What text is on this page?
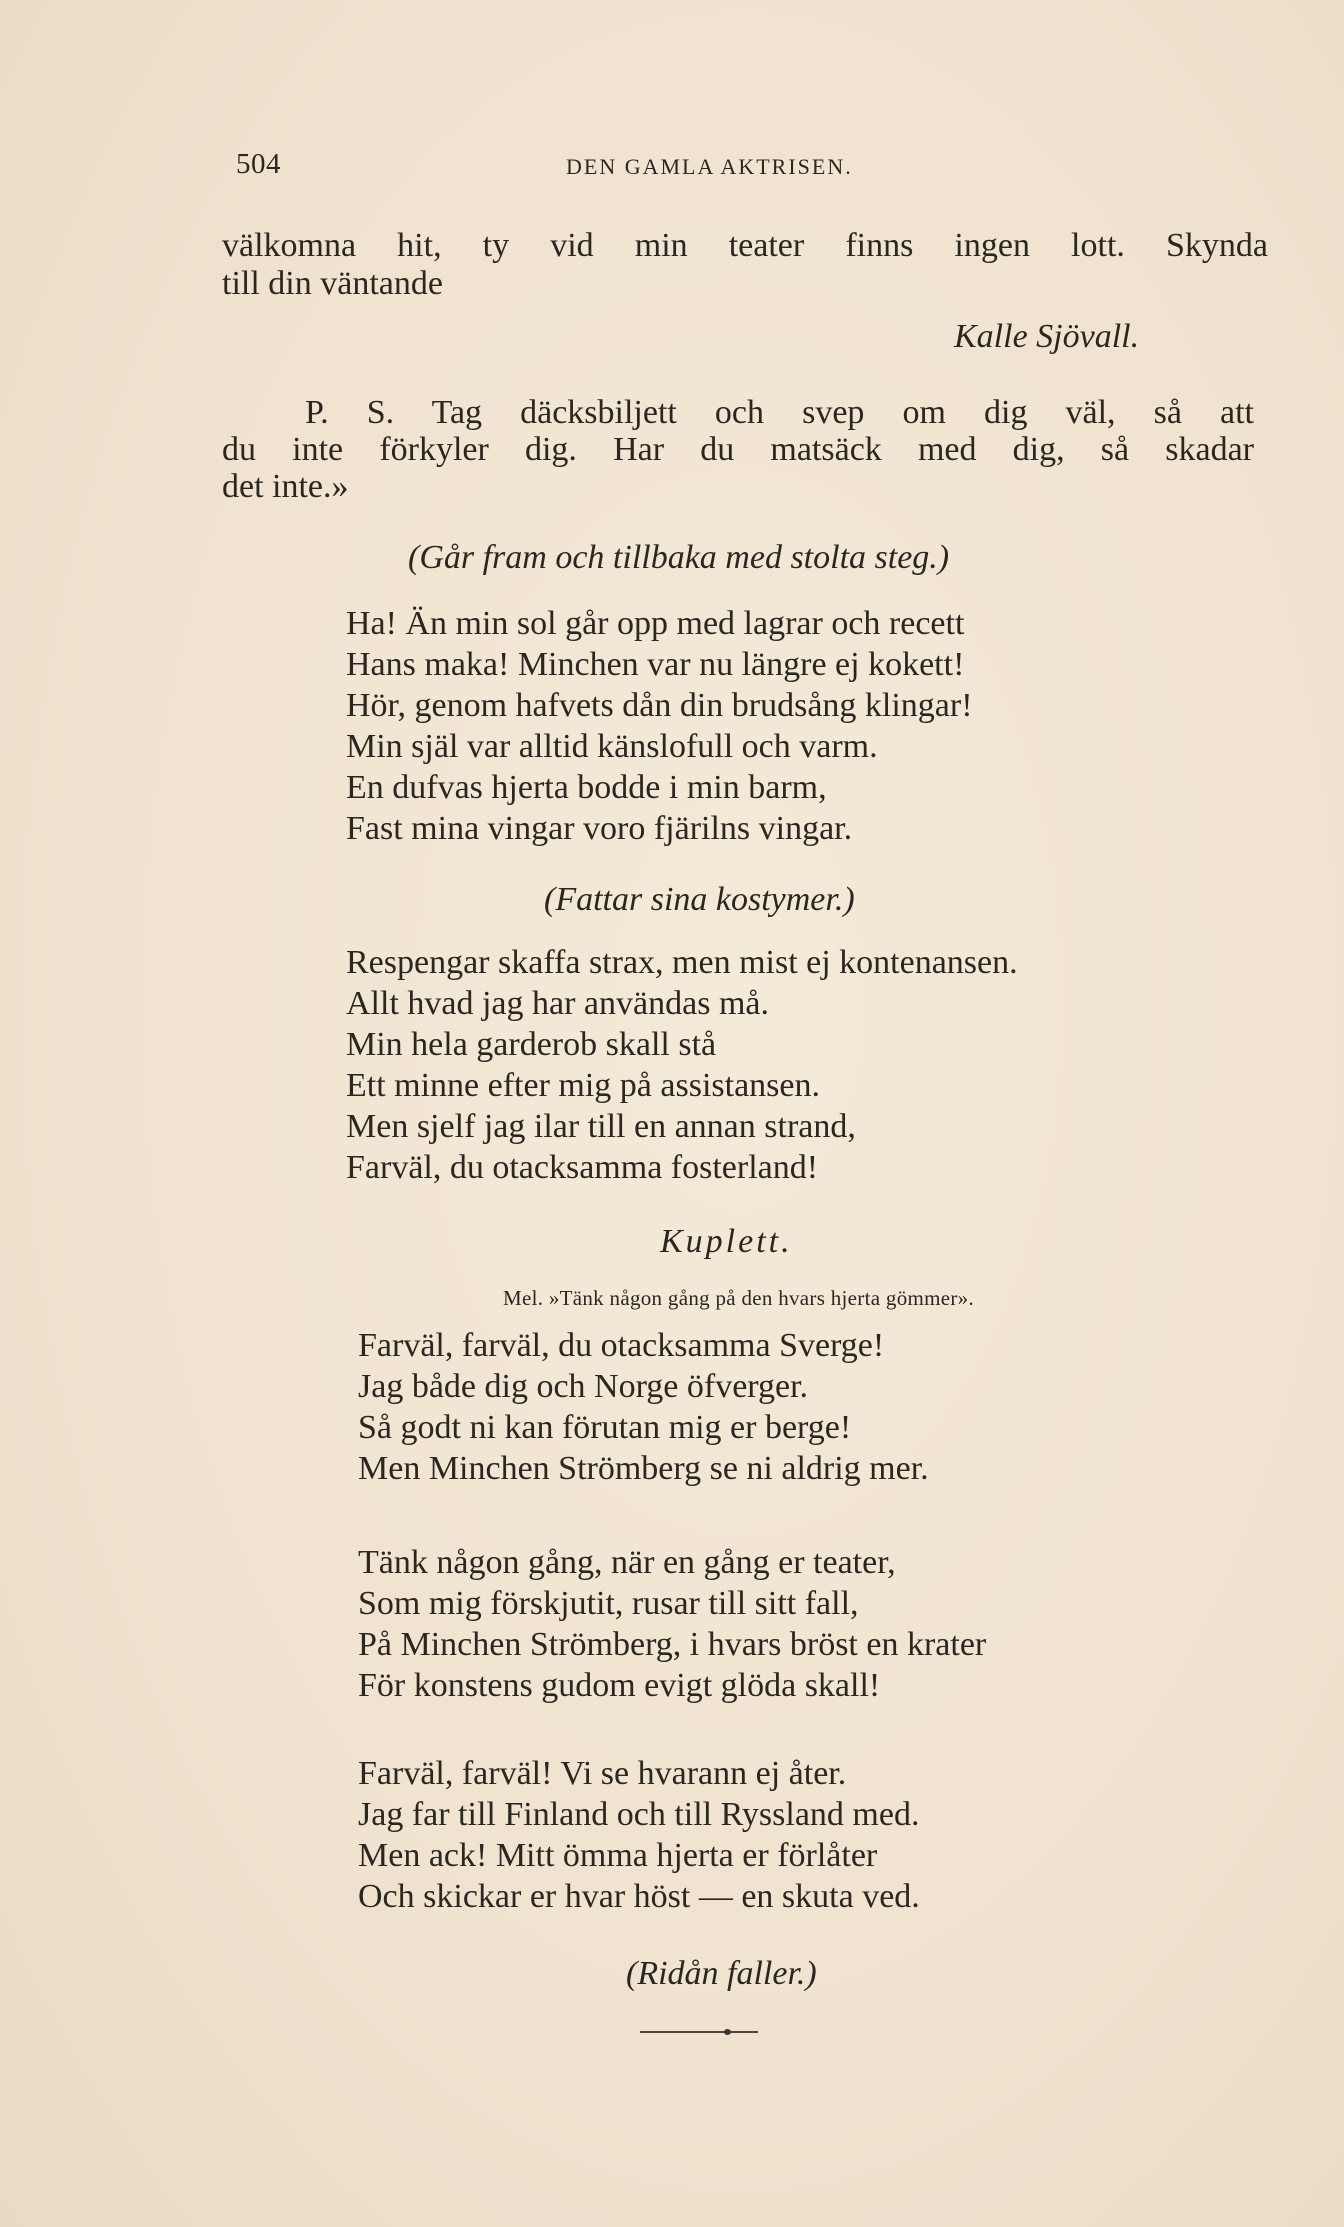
504	DEN GAMLA AKTRISEN.
välkomna hit, ty vid min teater finns ingen lott. Skynda
till din väntande
Kalle Sjövall.
P. S. Tag däcksbiljett och svep om dig väl, så att
du inte förkyler dig. Har du matsäck med dig, så skadar
det inte.»
(Går fram och tillbaka med stolta steg.)
Ha! Än min sol går opp med lagrar och recett
Hans maka! Minchen var nu längre ej kokett!
Hör, genom hafvets dån din brudsång klingar!
Min själ var alltid känslofull och varm.
En dufvas hjerta bodde i min barm,
Fast mina vingar voro fjärilns vingar.
(Fattar sina kostymer.)
Respengar skaffa strax, men mist ej kontenansen.
Allt hvad jag har användas må.
Min hela garderob skall stå
Ett minne efter mig på assistansen.
Men sjelf jag ilar till en annan strand,
Farväl, du otacksamma fosterland!
Kuplett.
Mel. »Tänk någon gång på den hvars hjerta gömmer».
Farväl, farväl, du otacksamma Sverge!
Jag både dig och Norge öfverger.
Så godt ni kan förutan mig er berge!
Men Minchen Strömberg se ni aldrig mer.
Tänk någon gång, när en gång er teater,
Som mig förskjutit, rusar till sitt fall,
På Minchen Strömberg, i hvars bröst en krater
För konstens gudom evigt glöda skall!
Farväl, farväl! Vi se hvarann ej åter.
Jag far till Finland och till Ryssland med.
Men ack! Mitt ömma hjerta er förlåter
Och skickar er hvar höst — en skuta ved.
(Ridån faller.)
